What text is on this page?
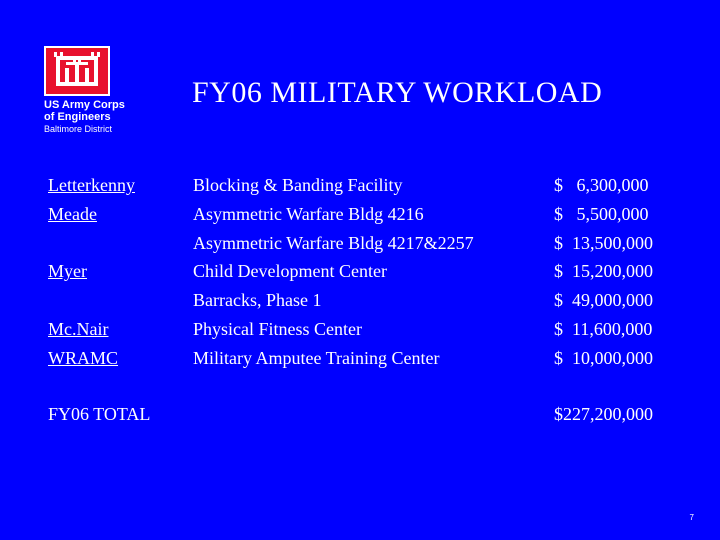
US Army Corps
of Engineers
Baltimore District
FY06 MILITARY WORKLOAD
Letterkenny
Meade
Myer
Mc.Nair
WRAMC
Blocking & Banding Facility
Asymmetric Warfare Bldg 4216
Asymmetric Warfare Bldg 4217&2257
Child Development Center
Barracks, Phase 1
Physical Fitness Center
Military Amputee Training Center
$   6,300,000
$   5,500,000
$  13,500,000
$  15,200,000
$  49,000,000
$  11,600,000
$  10,000,000
FY06 TOTAL	$227,200,000
7
